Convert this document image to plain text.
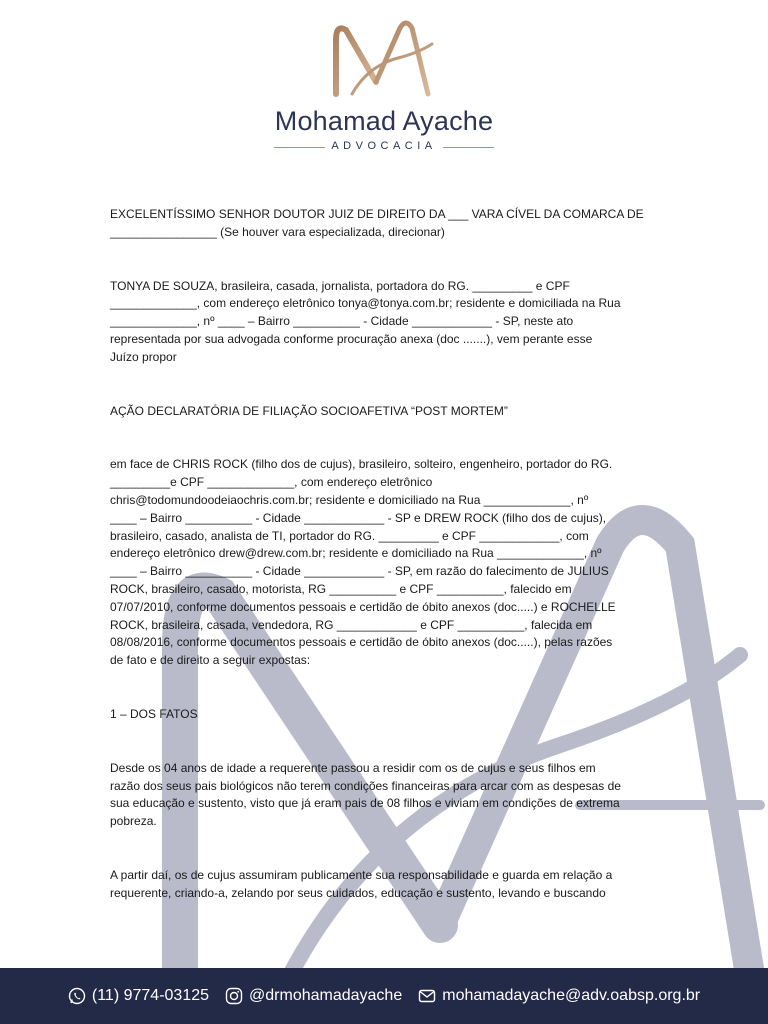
Mohamad Ayache
ADVOCACIA

EXCELENTÍSSIMO SENHOR DOUTOR JUIZ DE DIREITO DA ___ VARA CÍVEL DA COMARCA DE

________________ (Se houver vara especializada, direcionar)

TONYA DE SOUZA, brasileira, casada, jornalista, portadora do RG. _________ e CPF

_____________, com endereço eletrônico tonya@tonya.com.br; residente e domiciliada na Rua

_____________, nº ____ – Bairro __________ - Cidade ____________ - SP, neste ato

representada por sua advogada conforme procuração anexa (doc .......), vem perante esse

Juízo propor

AÇÃO DECLARATÓRIA DE FILIAÇÃO SOCIOAFETIVA “POST MORTEM”

em face de CHRIS ROCK (filho dos de cujus), brasileiro, solteiro, engenheiro, portador do RG.

_________e CPF _____________, com endereço eletrônico

chris@todomundoodeiaochris.com.br; residente e domiciliado na Rua _____________, nº

____ – Bairro __________ - Cidade ____________ - SP e DREW ROCK (filho dos de cujus),

brasileiro, casado, analista de TI, portador do RG. _________ e CPF ____________, com

endereço eletrônico drew@drew.com.br; residente e domiciliado na Rua _____________, nº

____ – Bairro __________ - Cidade ____________ - SP, em razão do falecimento de JULIUS

ROCK, brasileiro, casado, motorista, RG __________ e CPF __________, falecido em

07/07/2010, conforme documentos pessoais e certidão de óbito anexos (doc.....) e ROCHELLE

ROCK, brasileira, casada, vendedora, RG ____________ e CPF __________, falecida em

08/08/2016, conforme documentos pessoais e certidão de óbito anexos (doc.....), pelas razões

de fato e de direito a seguir expostas:

1 – DOS FATOS

Desde os 04 anos de idade a requerente passou a residir com os de cujus e seus filhos em

razão dos seus pais biológicos não terem condições financeiras para arcar com as despesas de

sua educação e sustento, visto que já eram pais de 08 filhos e viviam em condições de extrema

pobreza.

A partir daí, os de cujus assumiram publicamente sua responsabilidade e guarda em relação a

requerente, criando-a, zelando por seus cuidados, educação e sustento, levando e buscando

(11) 9774-03125	@drmohamadayache	mohamadayache@adv.oabsp.org.br
